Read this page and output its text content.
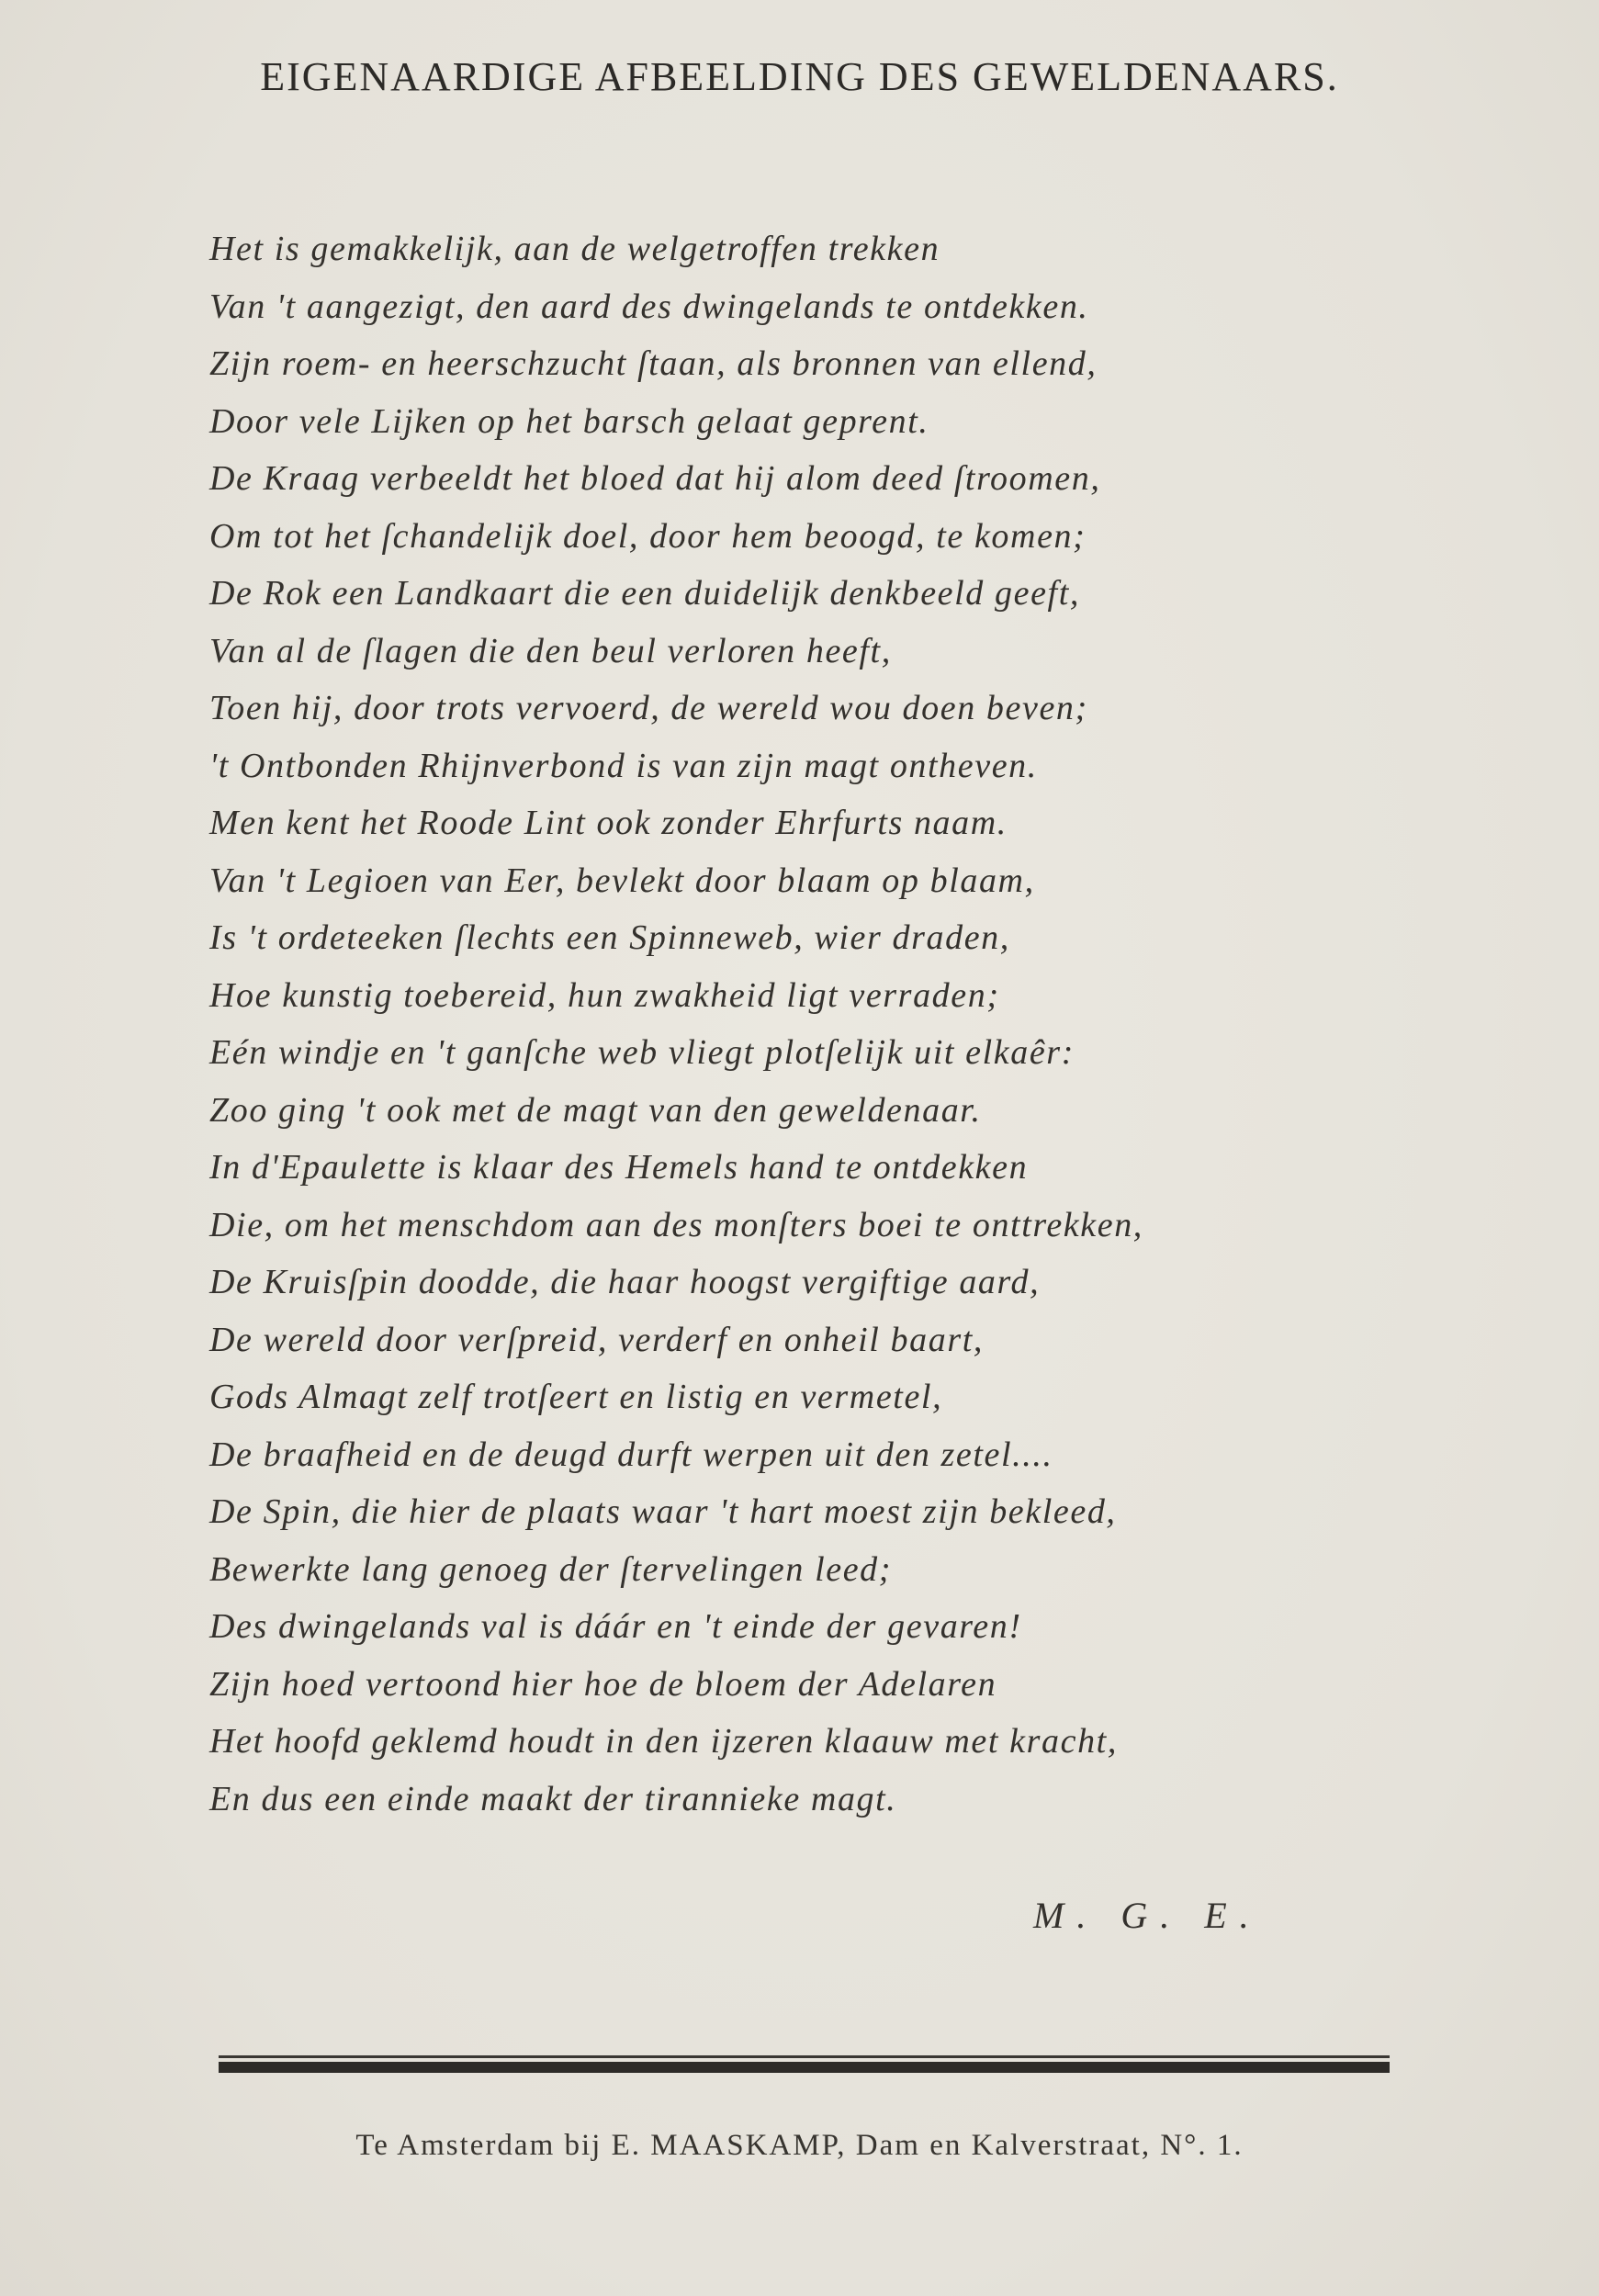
EIGENAARDIGE AFBEELDING DES GEWELDENAARS.
Het is gemakkelijk, aan de welgetroffen trekken
Van 't aangezigt, den aard des dwingelands te ontdekken.
Zijn roem- en heerschzucht ſtaan, als bronnen van ellend,
Door vele Lijken op het barsch gelaat geprent.
De Kraag verbeeldt het bloed dat hij alom deed ſtroomen,
Om tot het ſchandelijk doel, door hem beoogd, te komen;
De Rok een Landkaart die een duidelijk denkbeeld geeft,
Van al de ſlagen die den beul verloren heeft,
Toen hij, door trots vervoerd, de wereld wou doen beven;
't Ontbonden Rhijnverbond is van zijn magt ontheven.
Men kent het Roode Lint ook zonder Ehrfurts naam.
Van 't Legioen van Eer, bevlekt door blaam op blaam,
Is 't ordeteeken ſlechts een Spinneweb, wier draden,
Hoe kunstig toebereid, hun zwakheid ligt verraden;
Eén windje en 't ganſche web vliegt plotſelijk uit elkaêr:
Zoo ging 't ook met de magt van den geweldenaar.
In d'Epaulette is klaar des Hemels hand te ontdekken
Die, om het menschdom aan des monſters boei te onttrekken,
De Kruisſpin doodde, die haar hoogst vergiftige aard,
De wereld door verſpreid, verderf en onheil baart,
Gods Almagt zelf trotſeert en listig en vermetel,
De braafheid en de deugd durft werpen uit den zetel....
De Spin, die hier de plaats waar 't hart moest zijn bekleed,
Bewerkte lang genoeg der ſtervelingen leed;
Des dwingelands val is dáár en 't einde der gevaren!
Zijn hoed vertoond hier hoe de bloem der Adelaren
Het hoofd geklemd houdt in den ijzeren klaauw met kracht,
En dus een einde maakt der tirannieke magt.
M. G. E.
Te Amsterdam bij E. MAASKAMP, Dam en Kalverstraat, N°. 1.
